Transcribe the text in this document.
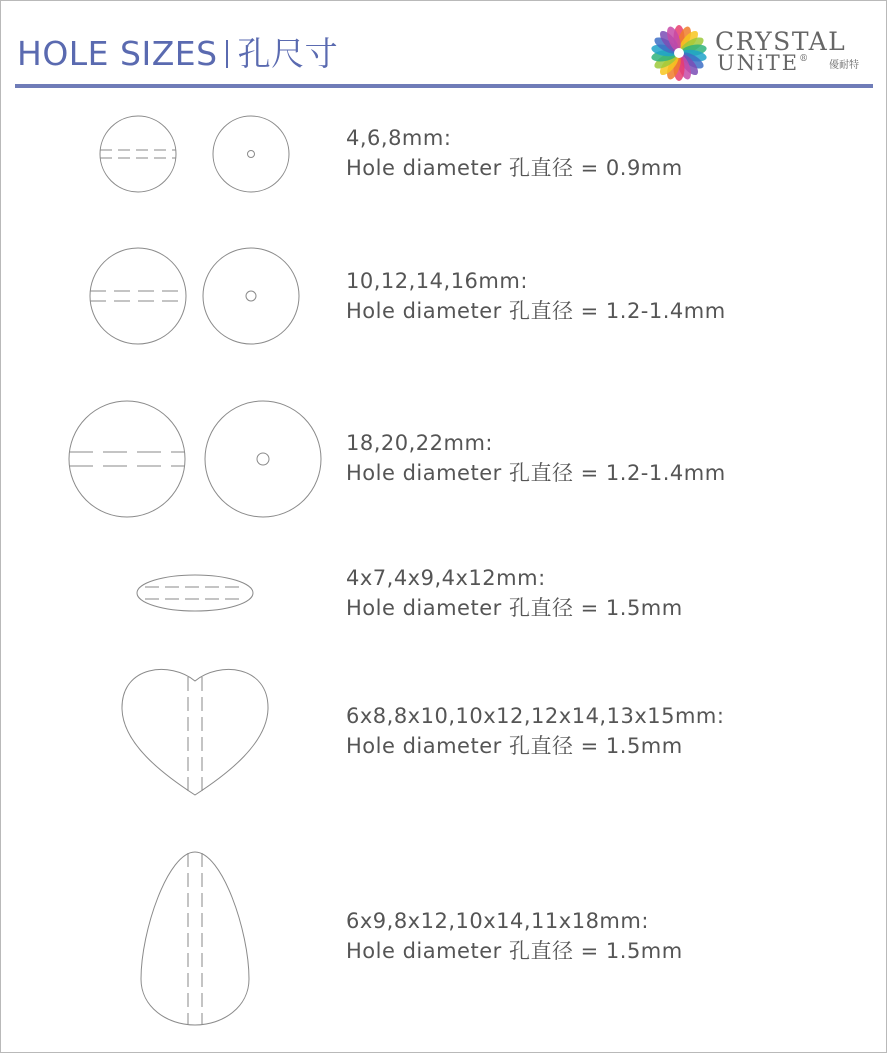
HOLE SIZES 孔尺寸	CRYSTAL
UNiTE®
優耐特
4,6,8mm:
Hole diameter 孔直径 = 0.9mm
10,12,14,16mm:
Hole diameter 孔直径 = 1.2-1.4mm
18,20,22mm:
Hole diameter 孔直径 = 1.2-1.4mm
4x7,4x9,4x12mm:
Hole diameter 孔直径 = 1.5mm
6x8,8x10,10x12,12x14,13x15mm:
Hole diameter 孔直径 = 1.5mm
6x9,8x12,10x14,11x18mm:
Hole diameter 孔直径 = 1.5mm
